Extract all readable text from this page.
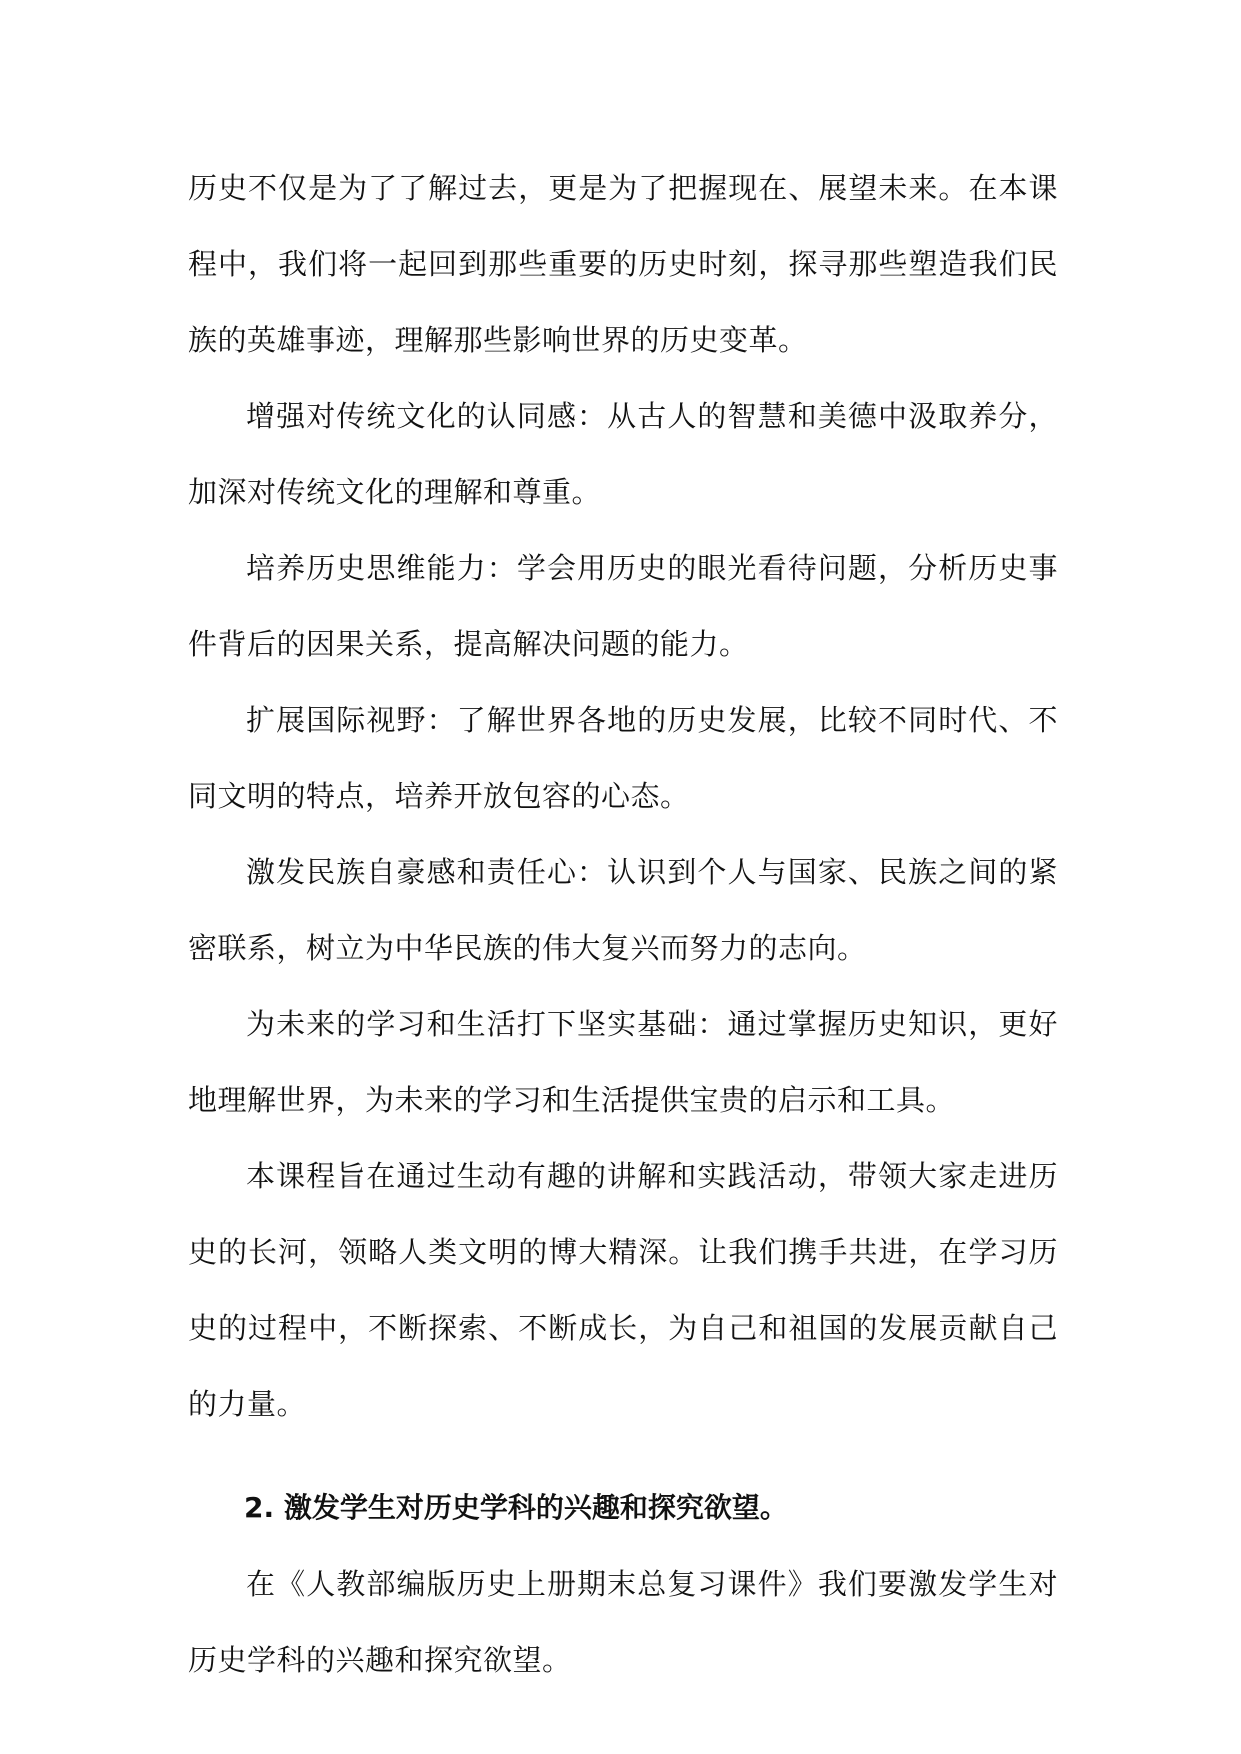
历史不仅是为了了解过去，更是为了把握现在、展望未来。在本课程中，我们将一起回到那些重要的历史时刻，探寻那些塑造我们民族的英雄事迹，理解那些影响世界的历史变革。

增强对传统文化的认同感：从古人的智慧和美德中汲取养分，加深对传统文化的理解和尊重。

培养历史思维能力：学会用历史的眼光看待问题，分析历史事件背后的因果关系，提高解决问题的能力。

扩展国际视野：了解世界各地的历史发展，比较不同时代、不同文明的特点，培养开放包容的心态。

激发民族自豪感和责任心：认识到个人与国家、民族之间的紧密联系，树立为中华民族的伟大复兴而努力的志向。

为未来的学习和生活打下坚实基础：通过掌握历史知识，更好地理解世界，为未来的学习和生活提供宝贵的启示和工具。

本课程旨在通过生动有趣的讲解和实践活动，带领大家走进历史的长河，领略人类文明的博大精深。让我们携手共进，在学习历史的过程中，不断探索、不断成长，为自己和祖国的发展贡献自己的力量。

2. 激发学生对历史学科的兴趣和探究欲望。

在《人教部编版历史上册期末总复习课件》我们要激发学生对历史学科的兴趣和探究欲望。
